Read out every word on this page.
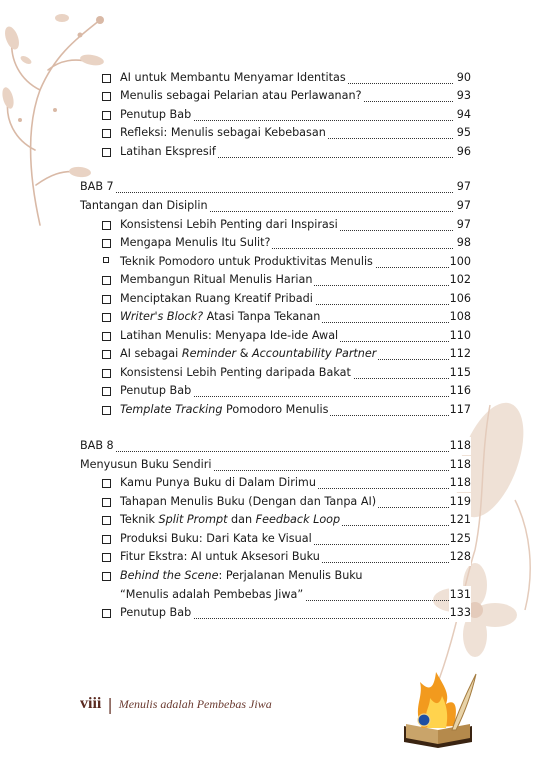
AI untuk Membantu Menyamar Identitas	90
Menulis sebagai Pelarian atau Perlawanan?	93
Penutup Bab	94
Refleksi: Menulis sebagai Kebebasan	95
Latihan Ekspresif	96
BAB 7	97
Tantangan dan Disiplin	97
Konsistensi Lebih Penting dari Inspirasi	97
Mengapa Menulis Itu Sulit?	98
Teknik Pomodoro untuk Produktivitas Menulis	100
Membangun Ritual Menulis Harian	102
Menciptakan Ruang Kreatif Pribadi	106
Writer's Block? Atasi Tanpa Tekanan	108
Latihan Menulis: Menyapa Ide-ide Awal	110
AI sebagai Reminder & Accountability Partner	112
Konsistensi Lebih Penting daripada Bakat	115
Penutup Bab	116
Template Tracking Pomodoro Menulis	117
BAB 8	118
Menyusun Buku Sendiri	118
Kamu Punya Buku di Dalam Dirimu	118
Tahapan Menulis Buku (Dengan dan Tanpa AI)	119
Teknik Split Prompt dan Feedback Loop	121
Produksi Buku: Dari Kata ke Visual	125
Fitur Ekstra: AI untuk Aksesori Buku	128
Behind the Scene: Perjalanan Menulis Buku
“Menulis adalah Pembebas Jiwa”	131
Penutup Bab	133
viii | Menulis adalah Pembebas Jiwa
